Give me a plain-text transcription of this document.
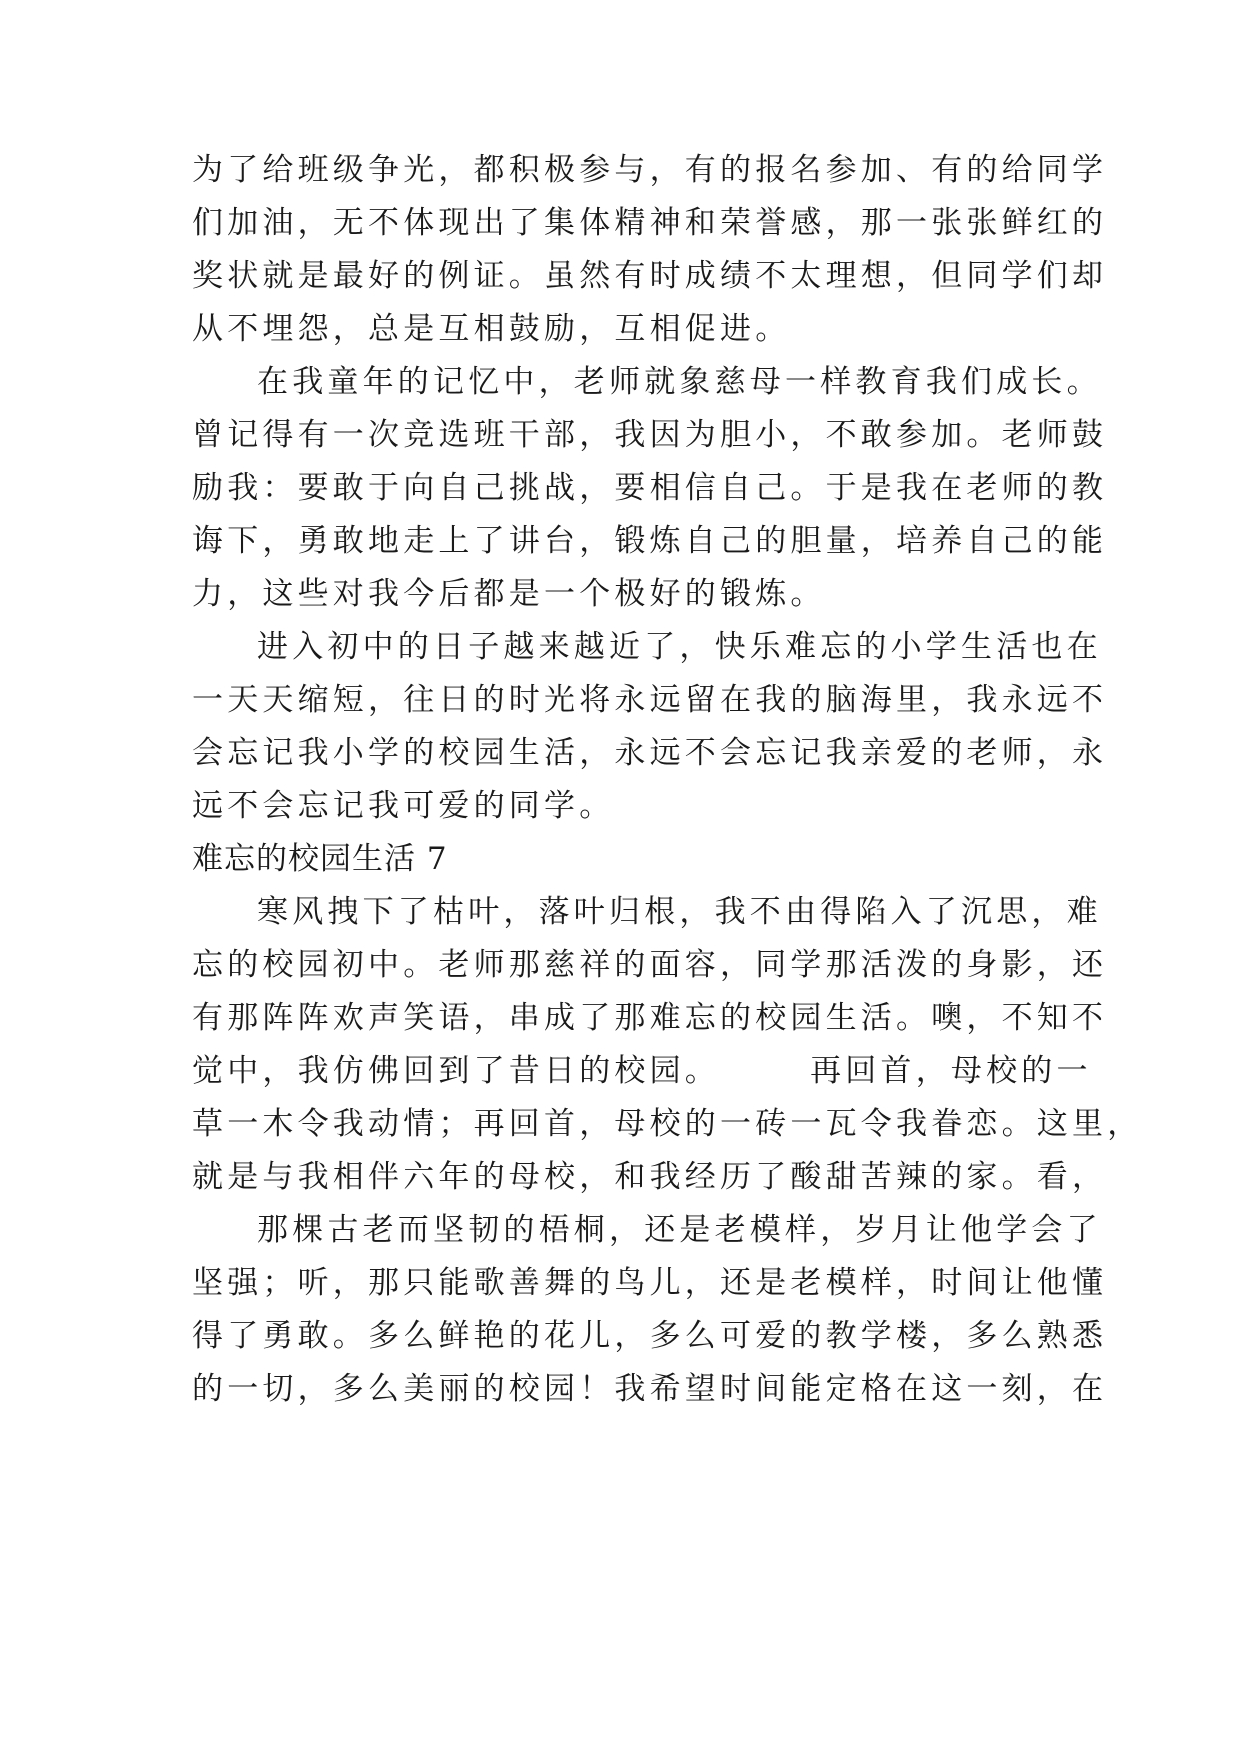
为了给班级争光，都积极参与，有的报名参加、有的给同学
们加油，无不体现出了集体精神和荣誉感，那一张张鲜红的
奖状就是最好的例证。虽然有时成绩不太理想，但同学们却
从不埋怨，总是互相鼓励，互相促进。
在我童年的记忆中，老师就象慈母一样教育我们成长。
曾记得有一次竞选班干部，我因为胆小，不敢参加。老师鼓
励我：要敢于向自己挑战，要相信自己。于是我在老师的教
诲下，勇敢地走上了讲台，锻炼自己的胆量，培养自己的能
力，这些对我今后都是一个极好的锻炼。
进入初中的日子越来越近了，快乐难忘的小学生活也在
一天天缩短，往日的时光将永远留在我的脑海里，我永远不
会忘记我小学的校园生活，永远不会忘记我亲爱的老师，永
远不会忘记我可爱的同学。
难忘的校园生活 7
寒风拽下了枯叶，落叶归根，我不由得陷入了沉思，难
忘的校园初中。老师那慈祥的面容，同学那活泼的身影，还
有那阵阵欢声笑语，串成了那难忘的校园生活。噢，不知不
觉中，我仿佛回到了昔日的校园。　　　再回首，母校的一
草一木令我动情；再回首，母校的一砖一瓦令我眷恋。这里，
就是与我相伴六年的母校，和我经历了酸甜苦辣的家。看，
那棵古老而坚韧的梧桐，还是老模样，岁月让他学会了
坚强；听，那只能歌善舞的鸟儿，还是老模样，时间让他懂
得了勇敢。多么鲜艳的花儿，多么可爱的教学楼，多么熟悉
的一切，多么美丽的校园！我希望时间能定格在这一刻，在
